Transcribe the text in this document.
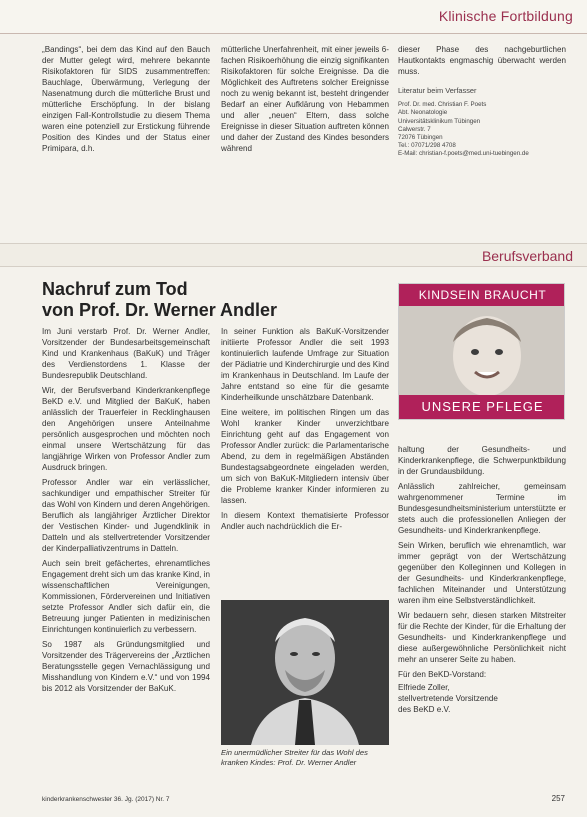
Klinische Fortbildung

„Bandings“, bei dem das Kind auf den Bauch der Mutter gelegt wird, mehrere bekannte Risikofaktoren für SIDS zusammentreffen: Bauchlage, Überwärmung, Verlegung der Nasenatmung durch die mütterliche Brust und mütterliche Erschöpfung. In der bislang einzigen Fall-Kontrollstudie zu diesem Thema waren eine potenziell zur Erstickung führende Position des Kindes und der Status einer Primipara, d.h.

mütterliche Unerfahrenheit, mit einer jeweils 6-fachen Risikoerhöhung die einzig signifikanten Risikofaktoren für solche Ereignisse. Da die Möglichkeit des Auftretens solcher Ereignisse noch zu wenig bekannt ist, besteht dringender Bedarf an einer Aufklärung von Hebammen und aller „neuen“ Eltern, dass solche Ereignisse in dieser Situation auftreten können und daher der Zustand des Kindes besonders während

dieser Phase des nachgeburtlichen Hautkontakts engmaschig überwacht werden muss.

Literatur beim Verfasser
Prof. Dr. med. Christian F. Poets
Abt. Neonatologie
Universitätsklinikum Tübingen
Calwerstr. 7
72076 Tübingen
Tel.: 07071/298 4708
E-Mail: christian-f.poets@med.uni-tuebingen.de
Berufsverband
Nachruf zum Tod
von Prof. Dr. Werner Andler
KINDSEIN BRAUCHT
UNSERE PFLEGE

Im Juni verstarb Prof. Dr. Werner Andler, Vorsitzender der Bundesarbeitsgemeinschaft Kind und Krankenhaus (BaKuK) und Träger des Verdienstordens 1. Klasse der Bundesrepublik Deutschland.

Wir, der Berufsverband Kinderkrankenpflege BeKD e.V. und Mitglied der BaKuK, haben anlässlich der Trauerfeier in Recklinghausen den Angehörigen unsere Anteilnahme persönlich ausgesprochen und möchten noch einmal unsere Wertschätzung für das langjährige Wirken von Professor Andler zum Ausdruck bringen.

Professor Andler war ein verlässlicher, sachkundiger und empathischer Streiter für das Wohl von Kindern und deren Angehörigen. Beruflich als langjähriger Ärztlicher Direktor der Vestischen Kinder- und Jugendklinik in Datteln und als stellvertretender Vorsitzender der Kinderpalliativzentrums in Datteln.

Auch sein breit gefächertes, ehrenamtliches Engagement dreht sich um das kranke Kind, in wissenschaftlichen Vereinigungen, Kommissionen, Fördervereinen und Initiativen setzte Professor Andler sich dafür ein, die Betreuung junger Patienten in medizinischen Einrichtungen kontinuierlich zu verbessern.

So 1987 als Gründungsmitglied und Vorsitzender des Trägervereins der „Ärztlichen Beratungsstelle gegen Vernachlässigung und Misshandlung von Kindern e.V.“ und von 1994 bis 2012 als Vorsitzender der BaKuK.

In seiner Funktion als BaKuK-Vorsitzender initiierte Professor Andler die seit 1993 kontinuierlich laufende Umfrage zur Situation der Pädiatrie und Kinderchirurgie und des Kind im Krankenhaus in Deutschland. Im Laufe der Jahre entstand so eine für die gesamte Kinderheilkunde unschätzbare Datenbank.

Eine weitere, im politischen Ringen um das Wohl kranker Kinder unverzichtbare Einrichtung geht auf das Engagement von Professor Andler zurück: die Parlamentarische Abend, zu dem in regelmäßigen Abständen Bundestagsabgeordnete eingeladen werden, um sich von BaKuK-Mitgliedern intensiv über die Probleme kranker Kinder informieren zu lassen.

In diesem Kontext thematisierte Professor Andler auch nachdrücklich die Er-

haltung der Gesundheits- und Kinderkrankenpflege, die Schwerpunktbildung in der Grundausbildung.

Anlässlich zahlreicher, gemeinsam wahrgenommener Termine im Bundesgesundheitsministerium unterstützte er stets auch die professionellen Anliegen der Gesundheits- und Kinderkrankenpflege.

Sein Wirken, beruflich wie ehrenamtlich, war immer geprägt von der Wertschätzung gegenüber den Kolleginnen und Kollegen in der Gesundheits- und Kinderkrankenpflege, fachlichen Miteinander und Unterstützung waren ihm eine Selbstverständlichkeit.

Wir bedauern sehr, diesen starken Mitstreiter für die Rechte der Kinder, für die Erhaltung der Gesundheits- und Kinderkrankenpflege und diese außergewöhnliche Persönlichkeit nicht mehr an unserer Seite zu haben.

Für den BeKD-Vorstand:

Elfriede Zoller,
stellvertretende Vorsitzende
des BeKD e.V.
Ein unermüdlicher Streiter für das Wohl des kranken Kindes: Prof. Dr. Werner Andler
kinderkrankenschwester 36. Jg. (2017) Nr. 7	257
